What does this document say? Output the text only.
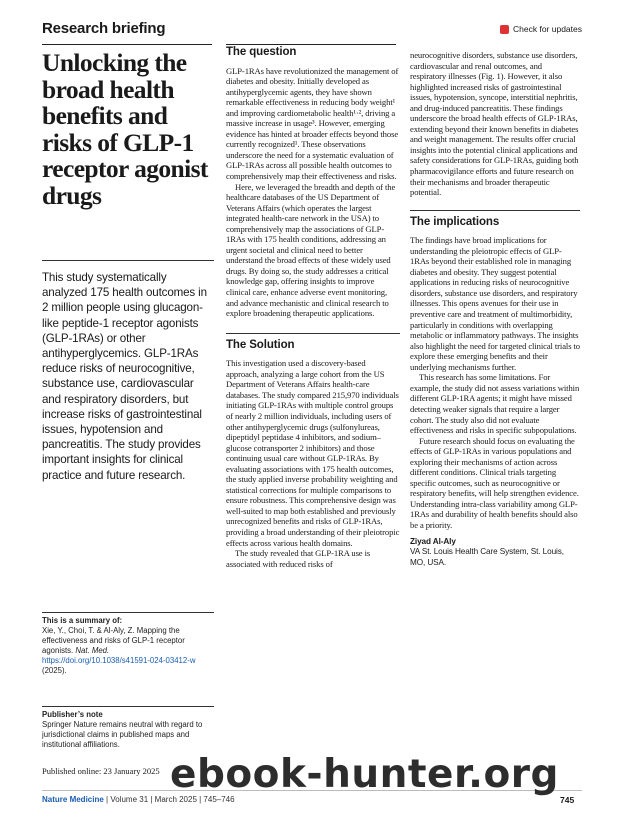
Research briefing	Check for updates
Unlocking the broad health benefits and risks of GLP-1 receptor agonist drugs
This study systematically analyzed 175 health outcomes in 2 million people using glucagon-like peptide-1 receptor agonists (GLP-1RAs) or other antihyperglycemics. GLP-1RAs reduce risks of neurocognitive, substance use, cardiovascular and respiratory disorders, but increase risks of gastrointestinal issues, hypotension and pancreatitis. The study provides important insights for clinical practice and future research.
The question

GLP-1RAs have revolutionized the management of diabetes and obesity. Initially developed as antihyperglycemic agents, they have shown remarkable effectiveness in reducing body weight¹ and improving cardiometabolic health¹·², driving a massive increase in usage³. However, emerging evidence has hinted at broader effects beyond those currently recognized¹. These observations underscore the need for a systematic evaluation of GLP-1RAs across all possible health outcomes to comprehensively map their effectiveness and risks.

Here, we leveraged the breadth and depth of the healthcare databases of the US Department of Veterans Affairs (which operates the largest integrated health-care network in the USA) to comprehensively map the associations of GLP-1RAs with 175 health conditions, addressing an urgent societal and clinical need to better understand the broad effects of these widely used drugs. By doing so, the study addresses a critical knowledge gap, offering insights to improve clinical care, enhance adverse event monitoring, and advance mechanistic and clinical research to explore broadening therapeutic applications.

The Solution

This investigation used a discovery-based approach, analyzing a large cohort from the US Department of Veterans Affairs health-care databases. The study compared 215,970 individuals initiating GLP-1RAs with multiple control groups of nearly 2 million individuals, including users of other antihyperglycemic drugs (sulfonylureas, dipeptidyl peptidase 4 inhibitors, and sodium–glucose cotransporter 2 inhibitors) and those continuing usual care without GLP-1RAs. By evaluating associations with 175 health outcomes, the study applied inverse probability weighting and statistical corrections for multiple comparisons to ensure robustness. This comprehensive design was well-suited to map both established and previously unrecognized benefits and risks of GLP-1RAs, providing a broad understanding of their pleiotropic effects across various health domains.

The study revealed that GLP-1RA use is associated with reduced risks of

neurocognitive disorders, substance use disorders, cardiovascular and renal outcomes, and respiratory illnesses (Fig. 1). However, it also highlighted increased risks of gastrointestinal issues, hypotension, syncope, interstitial nephritis, and drug-induced pancreatitis. These findings underscore the broad health effects of GLP-1RAs, extending beyond their known benefits in diabetes and weight management. The results offer crucial insights into the potential clinical applications and safety considerations for GLP-1RAs, guiding both pharmacovigilance efforts and future research on their mechanisms and broader therapeutic potential.

The implications

The findings have broad implications for understanding the pleiotropic effects of GLP-1RAs beyond their established role in managing diabetes and obesity. They suggest potential applications in reducing risks of neurocognitive disorders, substance use disorders, and respiratory illnesses. This opens avenues for their use in preventive care and treatment of multimorbidity, particularly in conditions with overlapping metabolic or inflammatory pathways. The insights also highlight the need for targeted clinical trials to explore these emerging benefits and their underlying mechanisms further.

This research has some limitations. For example, the study did not assess variations within different GLP-1RA agents; it might have missed detecting weaker signals that require a larger cohort. The study also did not evaluate effectiveness and risks in specific subpopulations.

Future research should focus on evaluating the effects of GLP-1RAs in various populations and exploring their mechanisms of action across different conditions. Clinical trials targeting specific outcomes, such as neurocognitive or respiratory benefits, will help strengthen evidence. Understanding intra-class variability among GLP-1RAs and durability of health benefits should also be a priority.

Ziyad Al-Aly
VA St. Louis Health Care System, St. Louis, MO, USA.
This is a summary of:
Xie, Y., Choi, T. & Al-Aly, Z. Mapping the effectiveness and risks of GLP-1 receptor agonists. Nat. Med. https://doi.org/10.1038/s41591-024-03412-w (2025).
Publisher’s note
Springer Nature remains neutral with regard to jurisdictional claims in published maps and institutional affiliations.
Published online: 23 January 2025
Nature Medicine | Volume 31 | March 2025 | 745–746	745
ebook-hunter.org
